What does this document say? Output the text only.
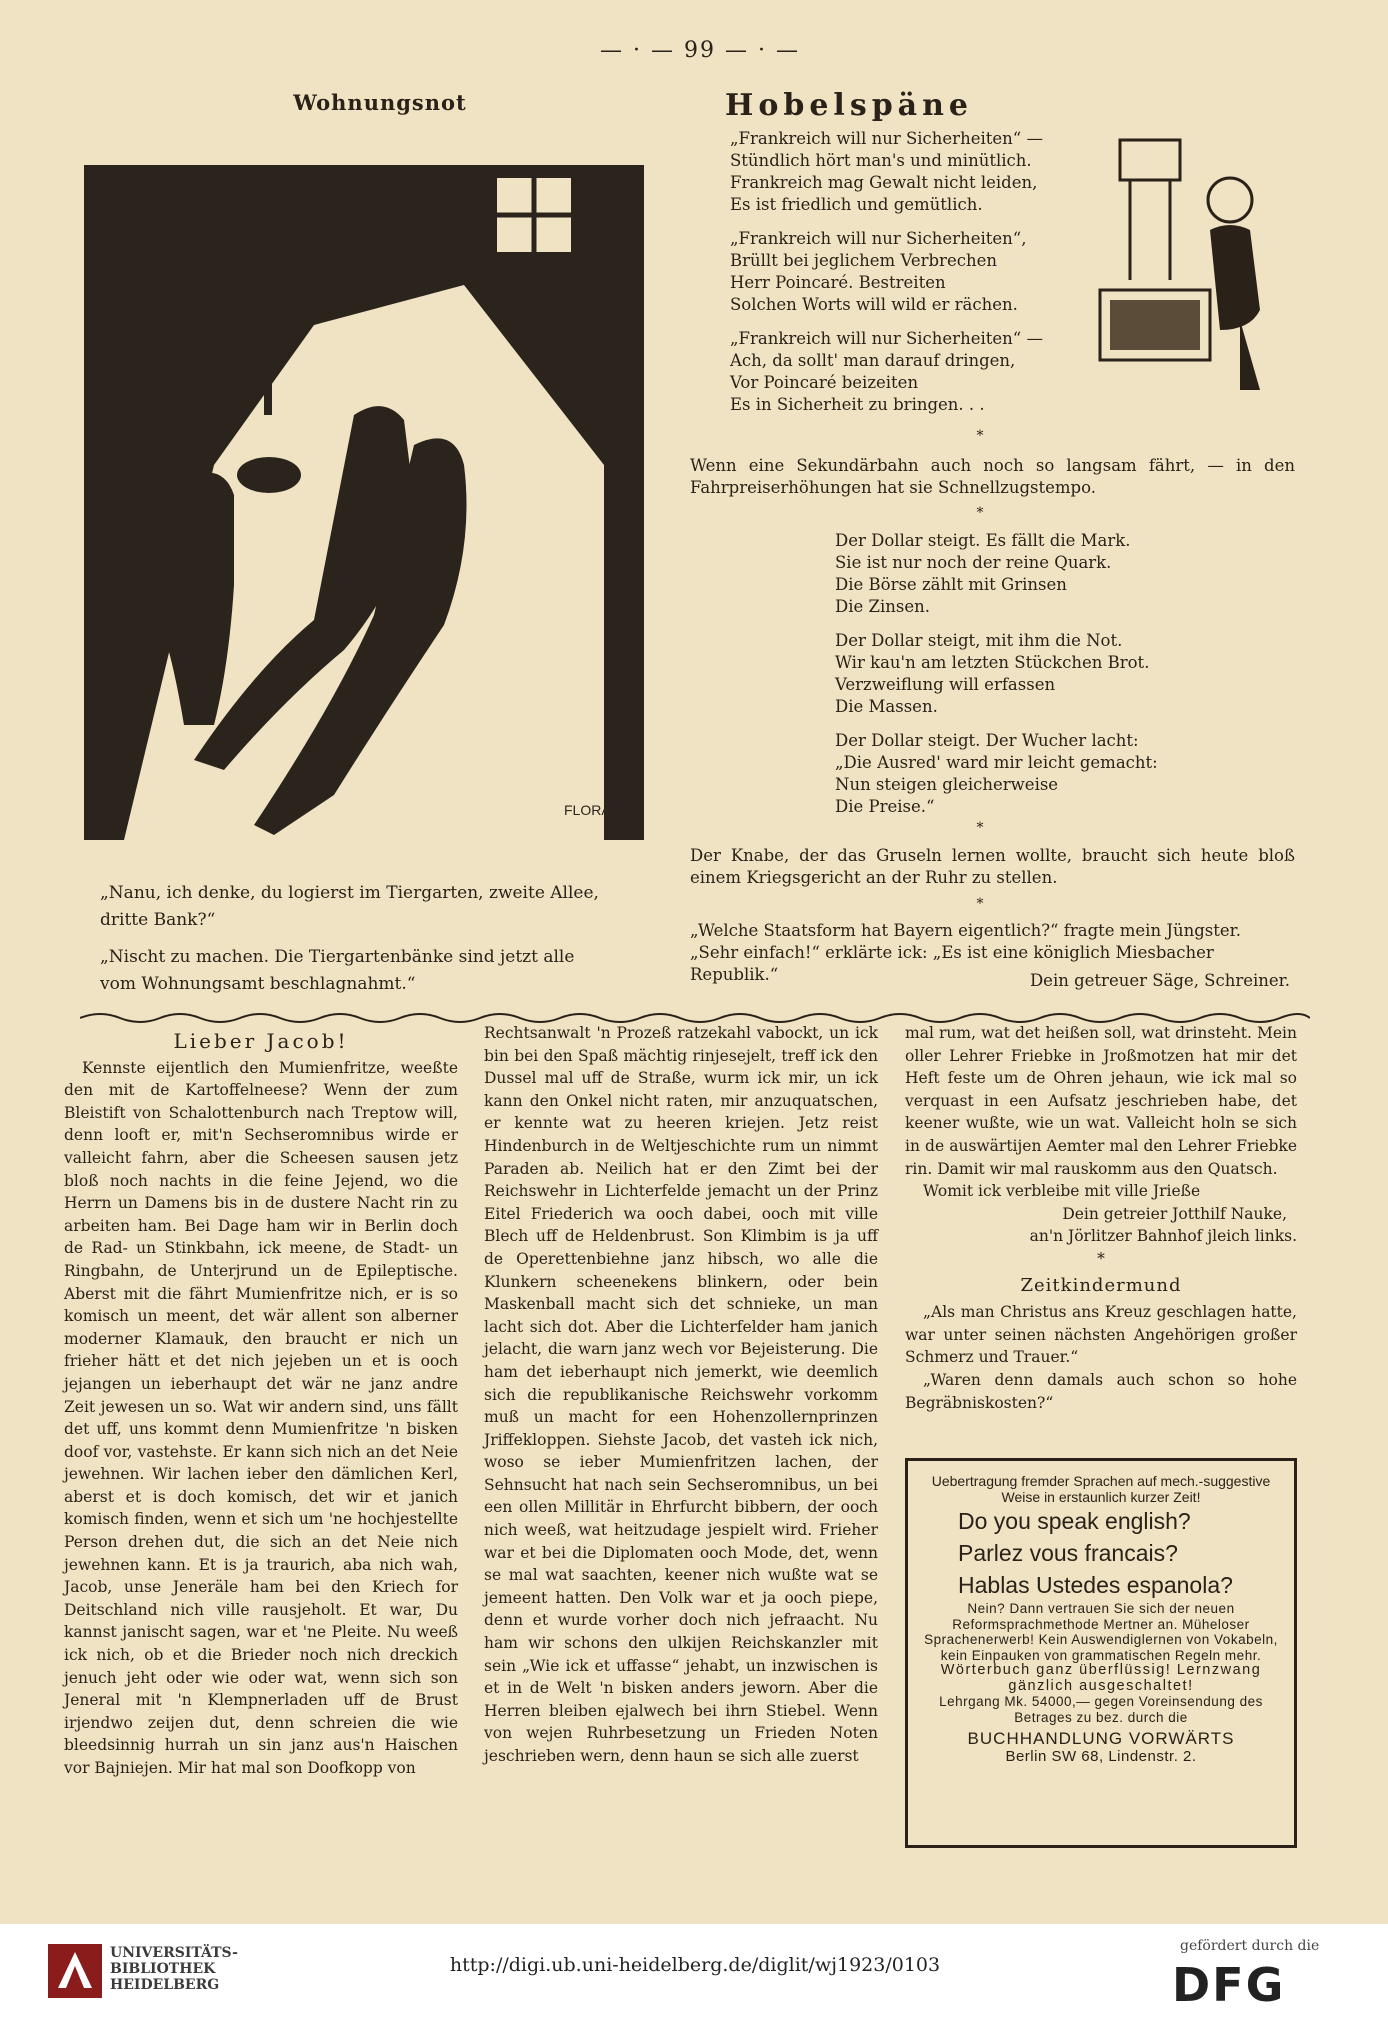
— · — 99 — · —
Wohnungsnot
FLORATH

„Nanu, ich denke, du logierst im Tiergarten, zweite Allee, dritte Bank?“

„Nischt zu machen. Die Tiergartenbänke sind jetzt alle vom Wohnungsamt beschlagnahmt.“

Hobelspäne

„Frankreich will nur Sicherheiten“ —
Stündlich hört man's und minütlich.
Frankreich mag Gewalt nicht leiden,
Es ist friedlich und gemütlich.

„Frankreich will nur Sicherheiten“,
Brüllt bei jeglichem Verbrechen
Herr Poincaré. Bestreiten
Solchen Worts will wild er rächen.

„Frankreich will nur Sicherheiten“ —
Ach, da sollt' man darauf dringen,
Vor Poincaré beizeiten
Es in Sicherheit zu bringen. . .

*
Wenn eine Sekundärbahn auch noch so langsam fährt, — in den Fahrpreiserhöhungen hat sie Schnellzugstempo.
*

Der Dollar steigt. Es fällt die Mark.
Sie ist nur noch der reine Quark.
Die Börse zählt mit Grinsen
Die Zinsen.

Der Dollar steigt, mit ihm die Not.
Wir kau'n am letzten Stückchen Brot.
Verzweiflung will erfassen
Die Massen.

Der Dollar steigt. Der Wucher lacht:
„Die Ausred' ward mir leicht gemacht:
Nun steigen gleicherweise
Die Preise.“

*
Der Knabe, der das Gruseln lernen wollte, braucht sich heute bloß einem Kriegsgericht an der Ruhr zu stellen.
*
„Welche Staatsform hat Bayern eigentlich?“ fragte mein Jüngster.
„Sehr einfach!“ erklärte ick: „Es ist eine königlich Miesbacher Republik.“	Dein getreuer Säge, Schreiner.
Lieber Jacob!

Kennste eijentlich den Mumienfritze, weeßte den mit de Kartoffelneese? Wenn der zum Bleistift von Schalottenburch nach Treptow will, denn looft er, mit'n Sechseromnibus wirde er valleicht fahrn, aber die Scheesen sausen jetz bloß noch nachts in die feine Jejend, wo die Herrn un Damens bis in de dustere Nacht rin zu arbeiten ham. Bei Dage ham wir in Berlin doch de Rad- un Stinkbahn, ick meene, de Stadt- un Ringbahn, de Unterjrund un de Epileptische. Aberst mit die fährt Mumienfritze nich, er is so komisch un meent, det wär allent son alberner moderner Klamauk, den braucht er nich un frieher hätt et det nich jejeben un et is ooch jejangen un ieberhaupt det wär ne janz andre Zeit jewesen un so. Wat wir andern sind, uns fällt det uff, uns kommt denn Mumienfritze 'n bisken doof vor, vastehste. Er kann sich nich an det Neie jewehnen. Wir lachen ieber den dämlichen Kerl, aberst et is doch komisch, det wir et janich komisch finden, wenn et sich um 'ne hochjestellte Person drehen dut, die sich an det Neie nich jewehnen kann. Et is ja traurich, aba nich wah, Jacob, unse Jeneräle ham bei den Kriech for Deitschland nich ville rausjeholt. Et war, Du kannst janischt sagen, war et 'ne Pleite. Nu weeß ick nich, ob et die Brieder noch nich dreckich jenuch jeht oder wie oder wat, wenn sich son Jeneral mit 'n Klempnerladen uff de Brust irjendwo zeijen dut, denn schreien die wie bleedsinnig hurrah un sin janz aus'n Haischen vor Bajniejen. Mir hat mal son Doofkopp von

Rechtsanwalt 'n Prozeß ratzekahl vabockt, un ick bin bei den Spaß mächtig rinjesejelt, treff ick den Dussel mal uff de Straße, wurm ick mir, un ick kann den Onkel nicht raten, mir anzuquatschen, er kennte wat zu heeren kriejen. Jetz reist Hindenburch in de Weltjeschichte rum un nimmt Paraden ab. Neilich hat er den Zimt bei der Reichswehr in Lichterfelde jemacht un der Prinz Eitel Friederich wa ooch dabei, ooch mit ville Blech uff de Heldenbrust. Son Klimbim is ja uff de Operettenbiehne janz hibsch, wo alle die Klunkern scheenekens blinkern, oder bein Maskenball macht sich det schnieke, un man lacht sich dot. Aber die Lichterfelder ham janich jelacht, die warn janz wech vor Bejeisterung. Die ham det ieberhaupt nich jemerkt, wie deemlich sich die republikanische Reichswehr vorkomm muß un macht for een Hohenzollernprinzen Jriffekloppen. Siehste Jacob, det vasteh ick nich, woso se ieber Mumienfritzen lachen, der Sehnsucht hat nach sein Sechseromnibus, un bei een ollen Millitär in Ehrfurcht bibbern, der ooch nich weeß, wat heitzudage jespielt wird. Frieher war et bei die Diplomaten ooch Mode, det, wenn se mal wat saachten, keener nich wußte wat se jemeent hatten. Den Volk war et ja ooch piepe, denn et wurde vorher doch nich jefraacht. Nu ham wir schons den ulkijen Reichskanzler mit sein „Wie ick et uffasse“ jehabt, un inzwischen is et in de Welt 'n bisken anders jeworn. Aber die Herren bleiben ejalwech bei ihrn Stiebel. Wenn von wejen Ruhrbesetzung un Frieden Noten jeschrieben wern, denn haun se sich alle zuerst

mal rum, wat det heißen soll, wat drinsteht. Mein oller Lehrer Friebke in Jroßmotzen hat mir det Heft feste um de Ohren jehaun, wie ick mal so verquast in een Aufsatz jeschrieben habe, det keener wußte, wie un wat. Valleicht holn se sich in de auswärtijen Aemter mal den Lehrer Friebke rin. Damit wir mal rauskomm aus den Quatsch.

Womit ick verbleibe mit ville Jrieße

Dein getreier Jotthilf Nauke,
an'n Jörlitzer Bahnhof jleich links.
*
Zeitkindermund

„Als man Christus ans Kreuz geschlagen hatte, war unter seinen nächsten Angehörigen großer Schmerz und Trauer.“

„Waren denn damals auch schon so hohe Begräbniskosten?“

Uebertragung fremder Sprachen auf mech.-suggestive Weise in erstaunlich kurzer Zeit!
Do you speak english?
Parlez vous francais?
Hablas Ustedes espanola?
Nein? Dann vertrauen Sie sich der neuen Reformsprachmethode Mertner an. Müheloser Sprachenerwerb! Kein Auswendiglernen von Vokabeln, kein Einpauken von grammatischen Regeln mehr.
Wörterbuch ganz überflüssig! Lernzwang gänzlich ausgeschaltet!
Lehrgang Mk. 54000,— gegen Voreinsendung des Betrages zu bez. durch die
BUCHHANDLUNG VORWÄRTS
Berlin SW 68, Lindenstr. 2.
UNIVERSITÄTS-
BIBLIOTHEK
HEIDELBERG
http://digi.ub.uni-heidelberg.de/diglit/wj1923/0103
gefördert durch die
DFG
